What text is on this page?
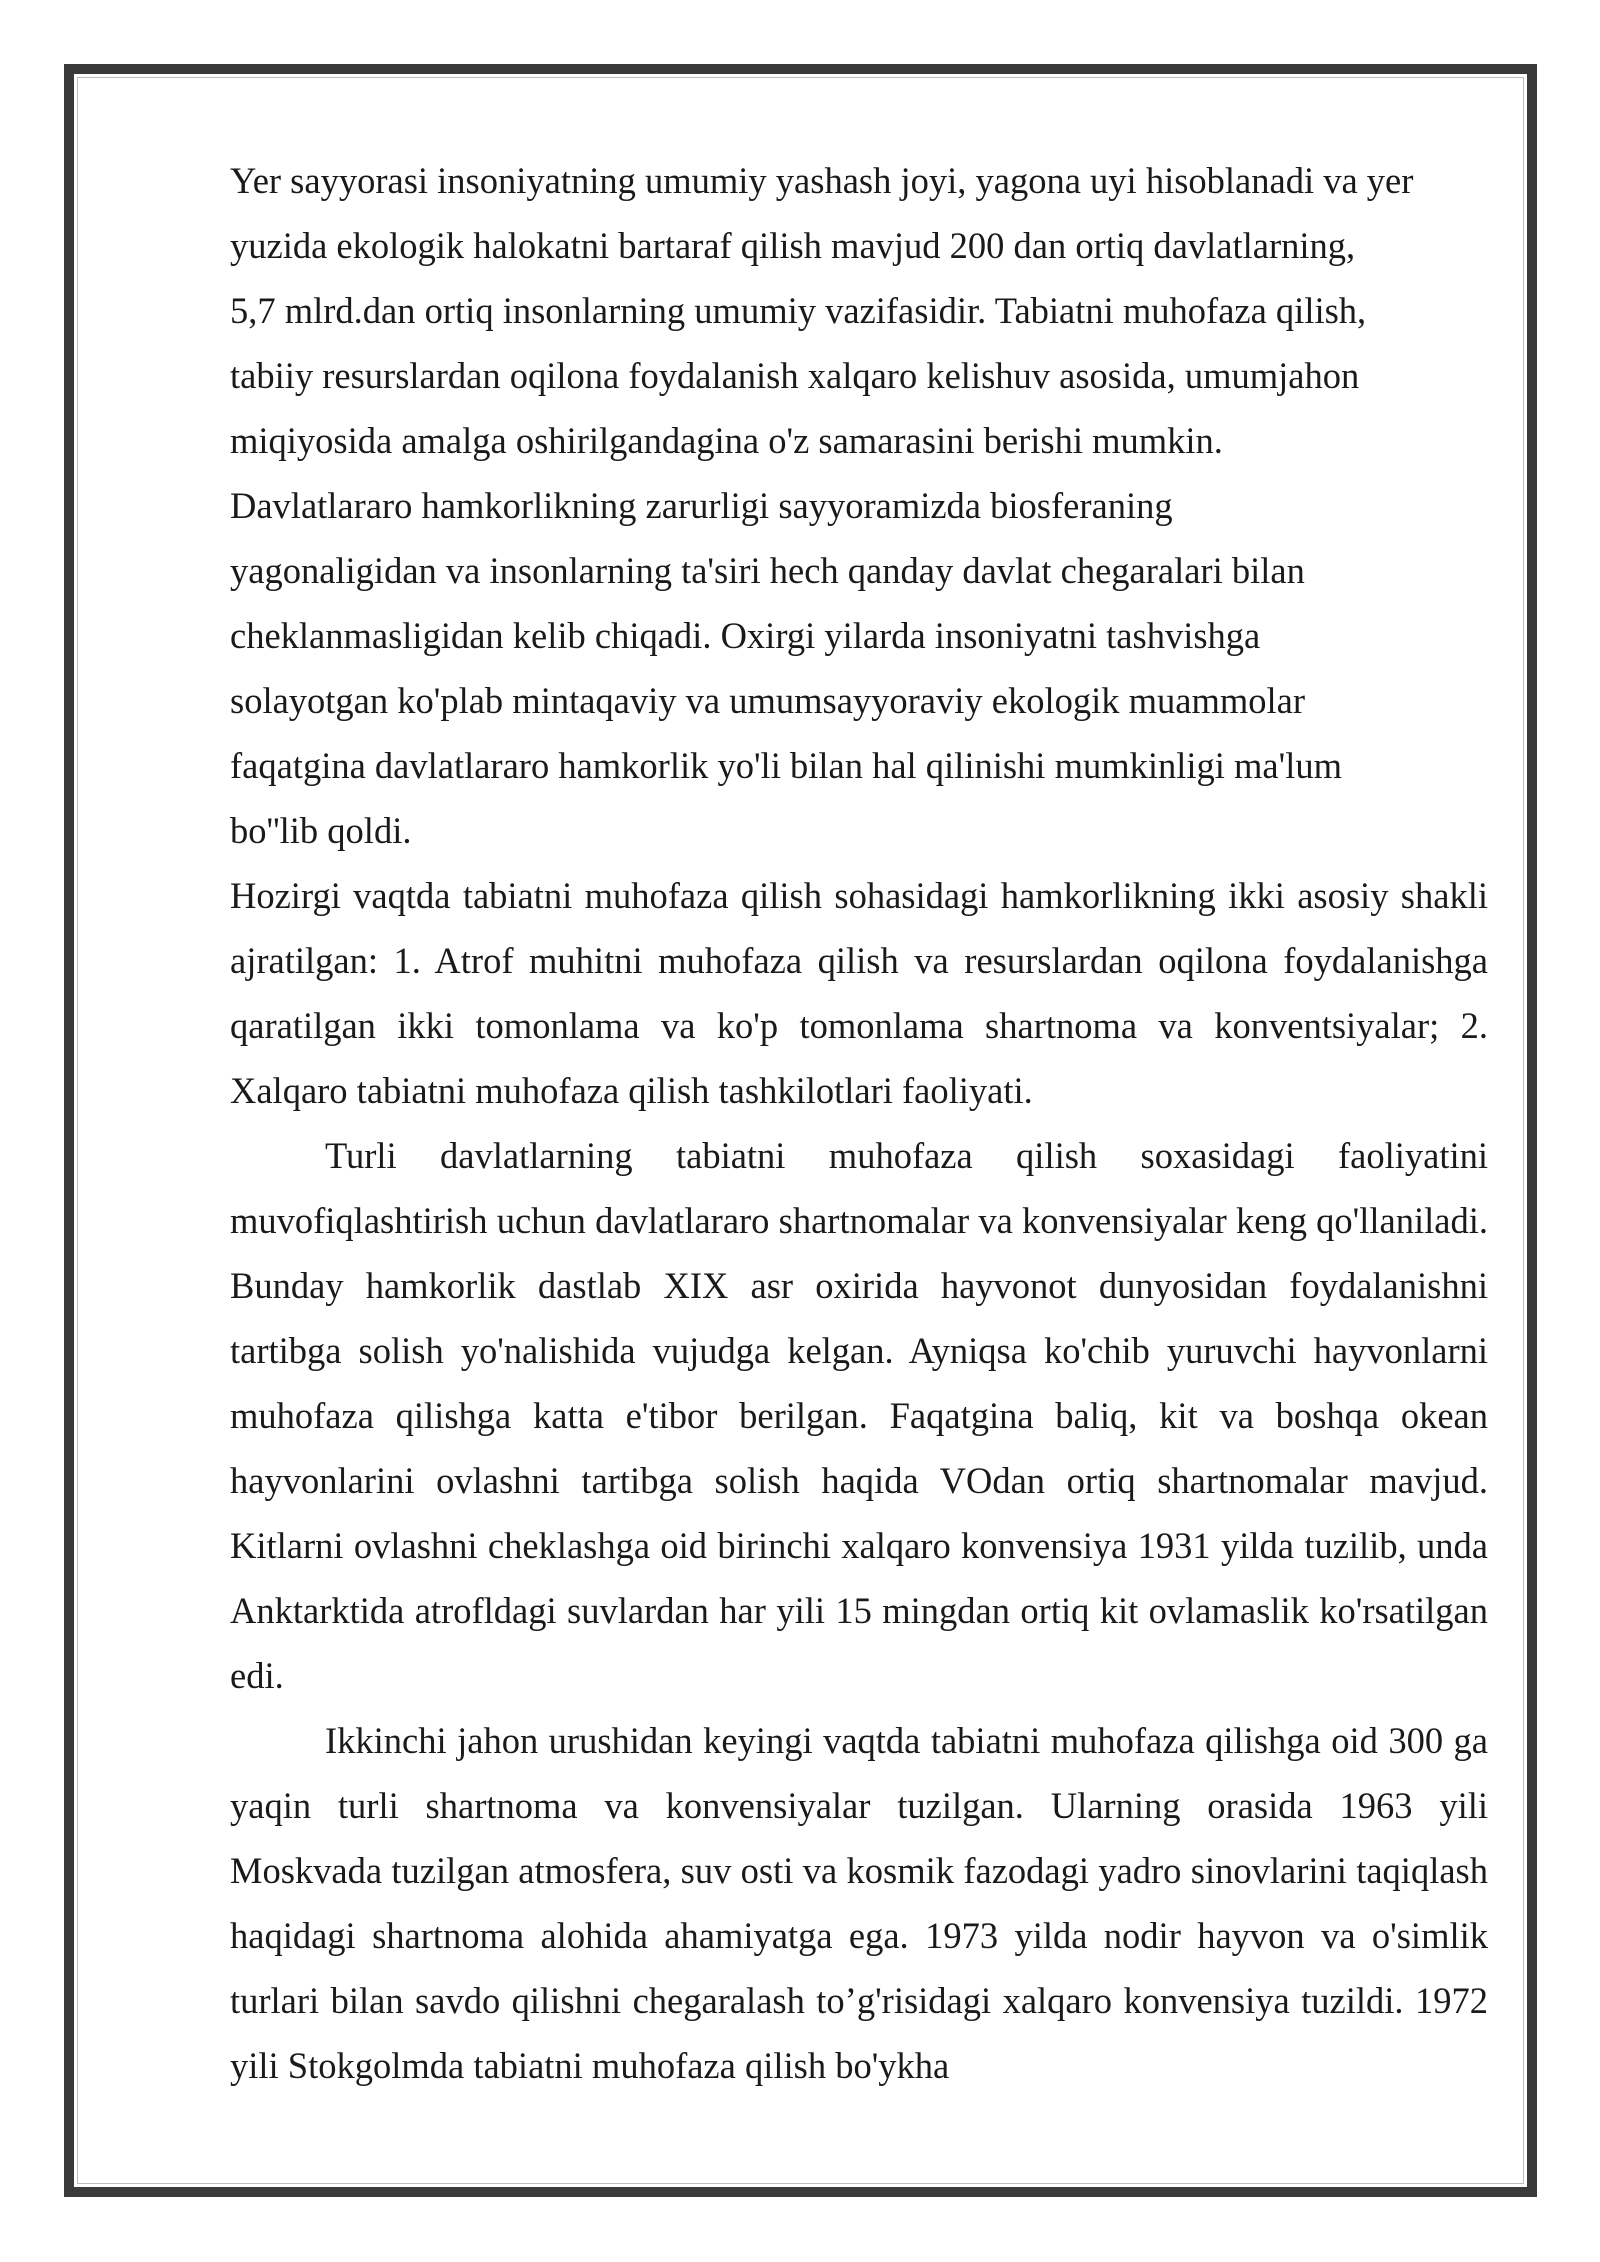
Yer sayyorasi insoniyatning umumiy yashash joyi, yagona uyi hisoblanadi va yer
yuzida ekologik halokatni bartaraf qilish mavjud 200 dan ortiq davlatlarning,
5,7 mlrd.dan ortiq insonlarning umumiy vazifasidir. Tabiatni muhofaza qilish,
tabiiy resurslardan oqilona foydalanish xalqaro kelishuv asosida, umumjahon
miqiyosida amalga oshirilgandagina o'z samarasini berishi mumkin.
Davlatlararo hamkorlikning zarurligi sayyoramizda biosferaning
yagonaligidan va insonlarning ta'siri hech qanday davlat chegaralari bilan
cheklanmasligidan kelib chiqadi. Oxirgi yilarda insoniyatni tashvishga
solayotgan ko'plab mintaqaviy va umumsayyoraviy ekologik muammolar
faqatgina davlatlararo hamkorlik yo'li bilan hal qilinishi mumkinligi ma'lum
bo''lib qoldi.

Hozirgi vaqtda tabiatni muhofaza qilish sohasidagi hamkorlikning ikki asosiy shakli ajratilgan: 1. Atrof muhitni muhofaza qilish va resurslardan oqilona foydalanishga qaratilgan ikki tomonlama va ko'p tomonlama shartnoma va konventsiyalar; 2. Xalqaro tabiatni muhofaza qilish tashkilotlari faoliyati.

Turli davlatlarning tabiatni muhofaza qilish soxasidagi faoliyatini muvofiqlashtirish uchun davlatlararo shartnomalar va konvensiyalar keng qo'llaniladi. Bunday hamkorlik dastlab XIX asr oxirida hayvonot dunyosidan foydalanishni tartibga solish yo'nalishida vujudga kelgan. Ayniqsa ko'chib yuruvchi hayvonlarni muhofaza qilishga katta e'tibor berilgan. Faqatgina baliq, kit va boshqa okean hayvonlarini ovlashni tartibga solish haqida VOdan ortiq shartnomalar mavjud. Kitlarni ovlashni cheklashga oid birinchi xalqaro konvensiya 1931 yilda tuzilib, unda Anktarktida atrofldagi suvlardan har yili 15 mingdan ortiq kit ovlamaslik ko'rsatilgan edi.

Ikkinchi jahon urushidan keyingi vaqtda tabiatni muhofaza qilishga oid 300 ga yaqin turli shartnoma va konvensiyalar tuzilgan. Ularning orasida 1963 yili Moskvada tuzilgan atmosfera, suv osti va kosmik fazodagi yadro sinovlarini taqiqlash haqidagi shartnoma alohida ahamiyatga ega. 1973 yilda nodir hayvon va o'simlik turlari bilan savdo qilishni chegaralash to’g'risidagi xalqaro konvensiya tuzildi. 1972 yili Stokgolmda tabiatni muhofaza qilish bo'ykha
